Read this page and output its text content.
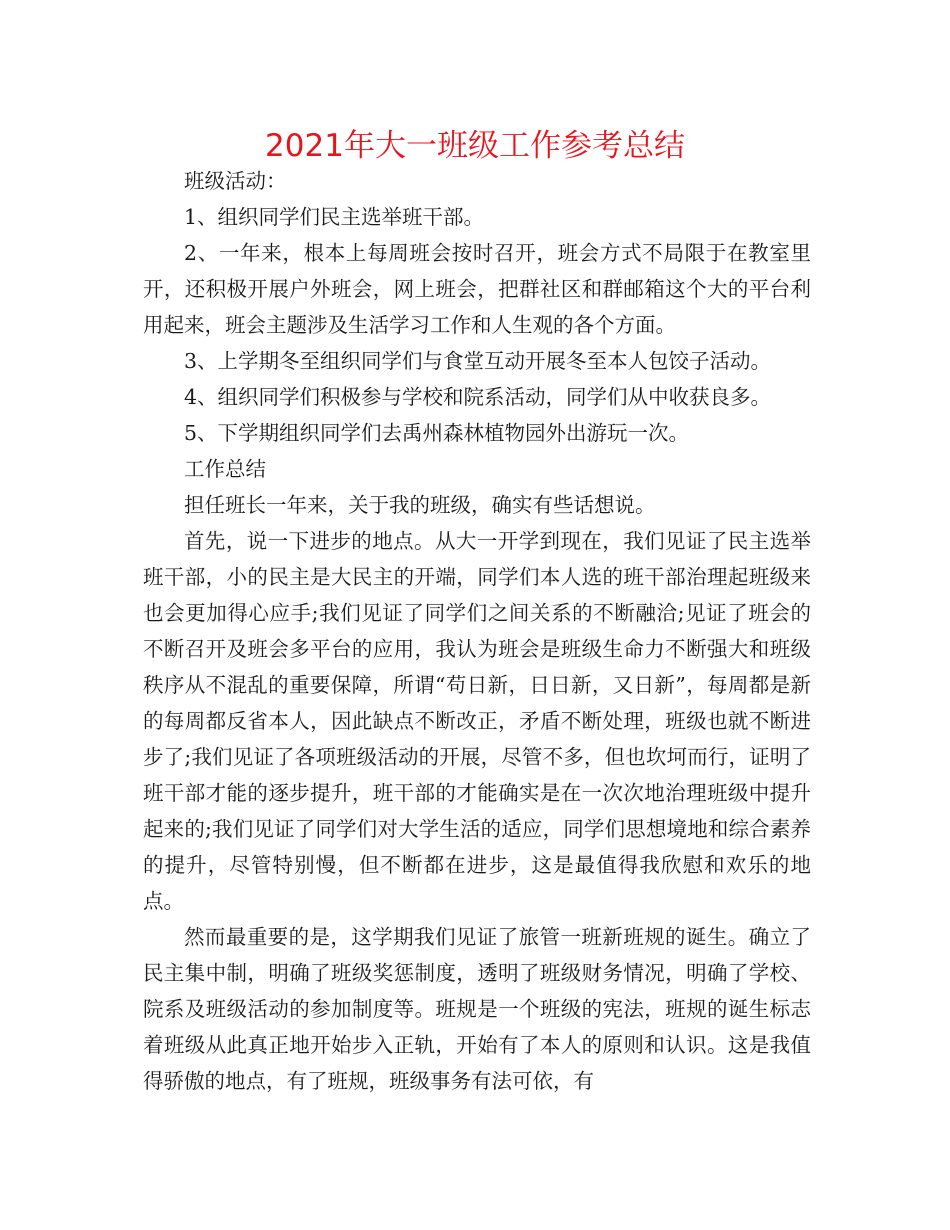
2021年大一班级工作参考总结

班级活动：

1、组织同学们民主选举班干部。

2、一年来，根本上每周班会按时召开，班会方式不局限于在教室里开，还积极开展户外班会，网上班会，把群社区和群邮箱这个大的平台利用起来，班会主题涉及生活学习工作和人生观的各个方面。

3、上学期冬至组织同学们与食堂互动开展冬至本人包饺子活动。

4、组织同学们积极参与学校和院系活动，同学们从中收获良多。

5、下学期组织同学们去禹州森林植物园外出游玩一次。

工作总结

担任班长一年来，关于我的班级，确实有些话想说。

首先，说一下进步的地点。从大一开学到现在，我们见证了民主选举班干部，小的民主是大民主的开端，同学们本人选的班干部治理起班级来也会更加得心应手;我们见证了同学们之间关系的不断融洽;见证了班会的不断召开及班会多平台的应用，我认为班会是班级生命力不断强大和班级秩序从不混乱的重要保障，所谓“苟日新，日日新，又日新”，每周都是新的每周都反省本人，因此缺点不断改正，矛盾不断处理，班级也就不断进步了;我们见证了各项班级活动的开展，尽管不多，但也坎坷而行，证明了班干部才能的逐步提升，班干部的才能确实是在一次次地治理班级中提升起来的;我们见证了同学们对大学生活的适应，同学们思想境地和综合素养的提升，尽管特别慢，但不断都在进步，这是最值得我欣慰和欢乐的地点。

然而最重要的是，这学期我们见证了旅管一班新班规的诞生。确立了民主集中制，明确了班级奖惩制度，透明了班级财务情况，明确了学校、院系及班级活动的参加制度等。班规是一个班级的宪法，班规的诞生标志着班级从此真正地开始步入正轨，开始有了本人的原则和认识。这是我值得骄傲的地点，有了班规，班级事务有法可依，有
